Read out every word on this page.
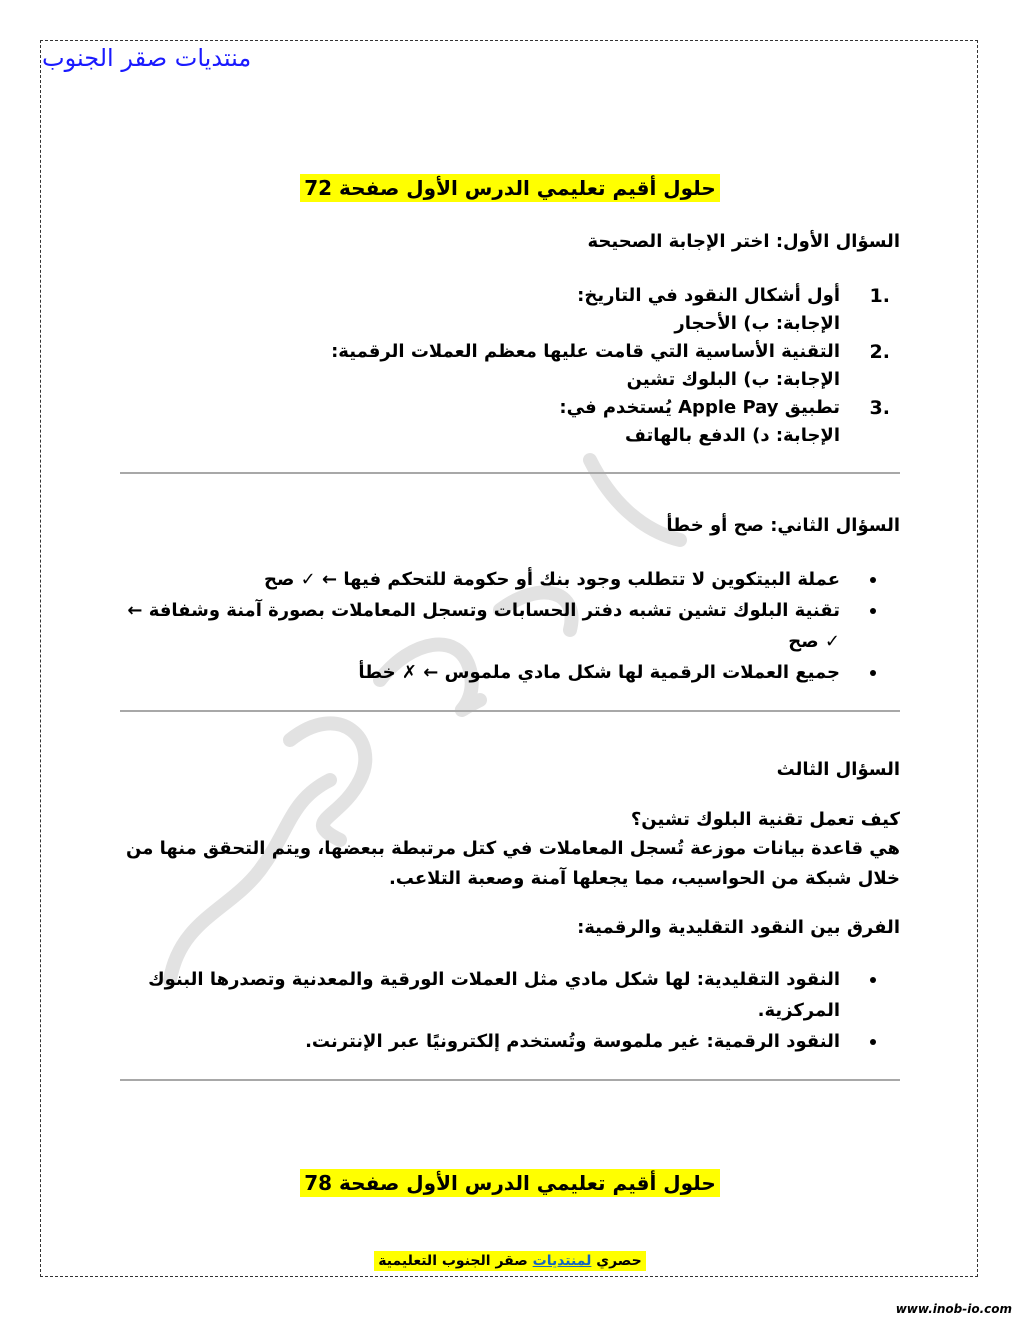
منتديات صقر الجنوب
حلول أقيم تعليمي الدرس الأول صفحة 72
السؤال الأول: اختر الإجابة الصحيحة
1.
أول أشكال النقود في التاريخ:
الإجابة: ب) الأحجار
2.
التقنية الأساسية التي قامت عليها معظم العملات الرقمية:
الإجابة: ب) البلوك تشين
3.
تطبيق Apple Pay يُستخدم في:
الإجابة: د) الدفع بالهاتف
السؤال الثاني: صح أو خطأ
عملة البيتكوين لا تتطلب وجود بنك أو حكومة للتحكم فيها ← ✓ صح
تقنية البلوك تشين تشبه دفتر الحسابات وتسجل المعاملات بصورة آمنة وشفافة ← ✓ صح
جميع العملات الرقمية لها شكل مادي ملموس ← ✗ خطأ
السؤال الثالث
كيف تعمل تقنية البلوك تشين؟
هي قاعدة بيانات موزعة تُسجل المعاملات في كتل مرتبطة ببعضها، ويتم التحقق منها من خلال شبكة من الحواسيب، مما يجعلها آمنة وصعبة التلاعب.
الفرق بين النقود التقليدية والرقمية:
النقود التقليدية: لها شكل مادي مثل العملات الورقية والمعدنية وتصدرها البنوك المركزية.
النقود الرقمية: غير ملموسة وتُستخدم إلكترونيًا عبر الإنترنت.
حلول أقيم تعليمي الدرس الأول صفحة 78
حصري لمنتديات صقر الجنوب التعليمية
www.inob-io.com
